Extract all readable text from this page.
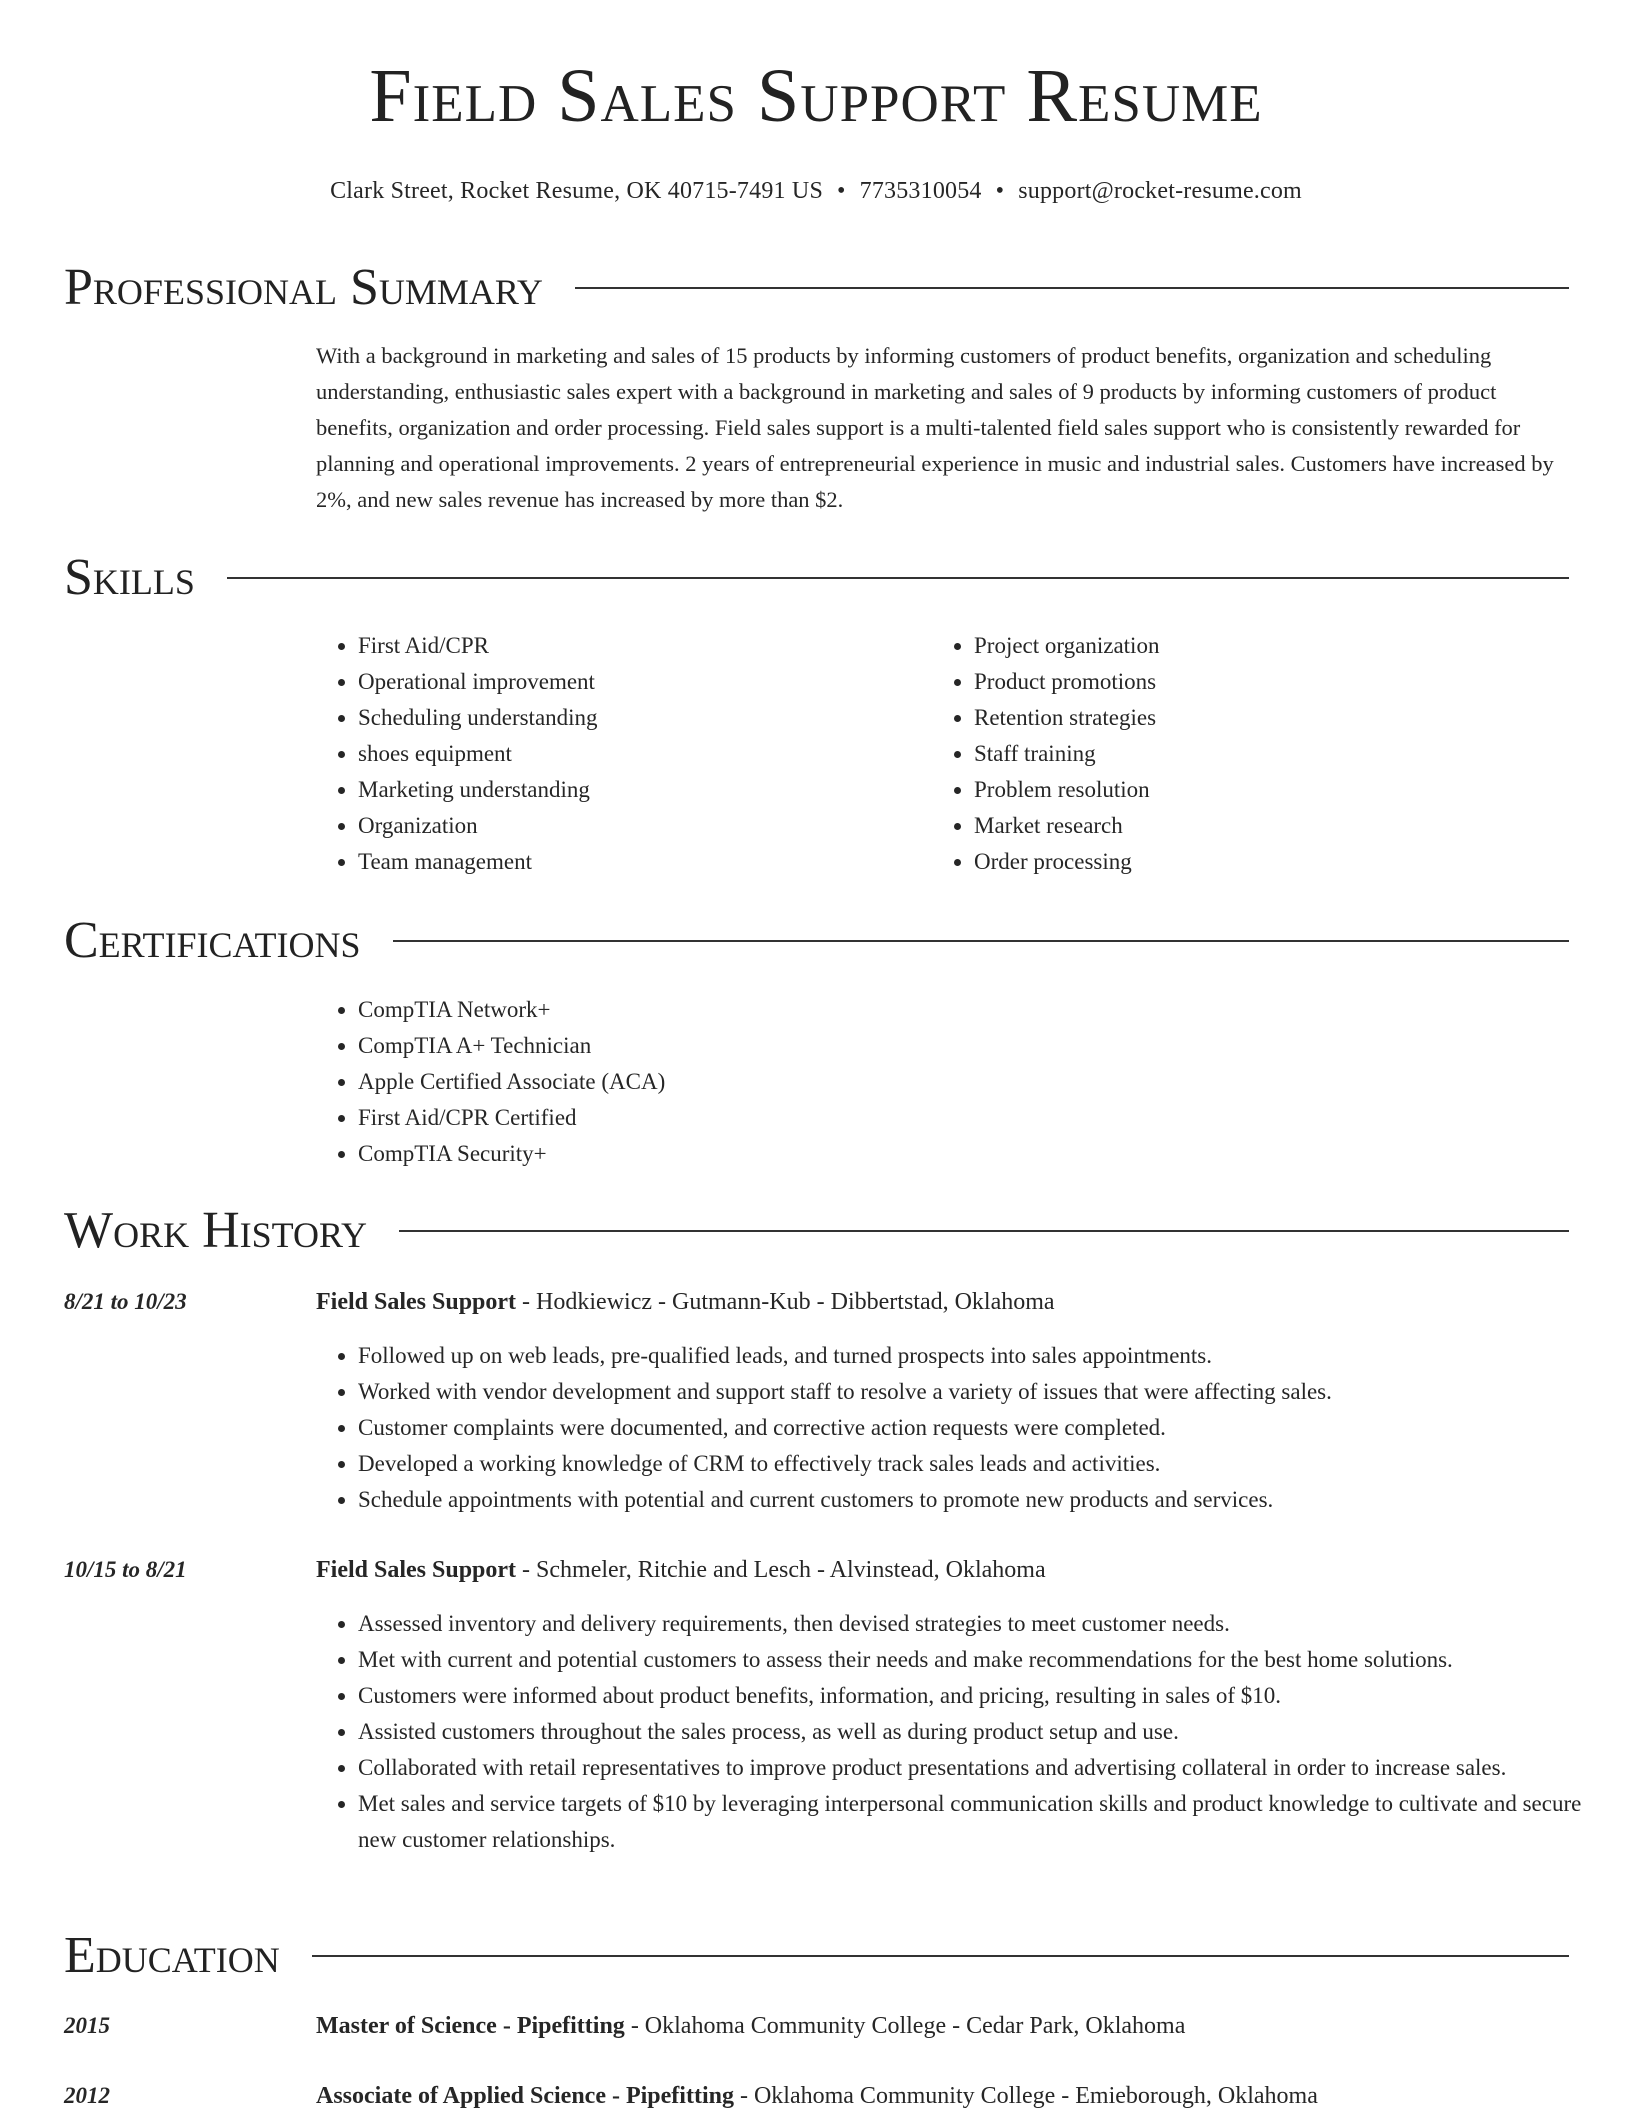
Field Sales Support Resume
Clark Street, Rocket Resume, OK 40715-7491 US • 7735310054 • support@rocket-resume.com
Professional Summary

With a background in marketing and sales of 15 products by informing customers of product benefits, organization and scheduling understanding, enthusiastic sales expert with a background in marketing and sales of 9 products by informing customers of product benefits, organization and order processing. Field sales support is a multi-talented field sales support who is consistently rewarded for planning and operational improvements. 2 years of entrepreneurial experience in music and industrial sales. Customers have increased by 2%, and new sales revenue has increased by more than $2.

Skills
• First Aid/CPR
• Operational improvement
• Scheduling understanding
• shoes equipment
• Marketing understanding
• Organization
• Team management
• Project organization
• Product promotions
• Retention strategies
• Staff training
• Problem resolution
• Market research
• Order processing
Certifications
• CompTIA Network+
• CompTIA A+ Technician
• Apple Certified Associate (ACA)
• First Aid/CPR Certified
• CompTIA Security+
Work History
8/21 to 10/23	Field Sales Support - Hodkiewicz - Gutmann-Kub - Dibbertstad, Oklahoma
• Followed up on web leads, pre-qualified leads, and turned prospects into sales appointments.
• Worked with vendor development and support staff to resolve a variety of issues that were affecting sales.
• Customer complaints were documented, and corrective action requests were completed.
• Developed a working knowledge of CRM to effectively track sales leads and activities.
• Schedule appointments with potential and current customers to promote new products and services.
10/15 to 8/21	Field Sales Support - Schmeler, Ritchie and Lesch - Alvinstead, Oklahoma
• Assessed inventory and delivery requirements, then devised strategies to meet customer needs.
• Met with current and potential customers to assess their needs and make recommendations for the best home solutions.
• Customers were informed about product benefits, information, and pricing, resulting in sales of $10.
• Assisted customers throughout the sales process, as well as during product setup and use.
• Collaborated with retail representatives to improve product presentations and advertising collateral in order to increase sales.
• Met sales and service targets of $10 by leveraging interpersonal communication skills and product knowledge to cultivate and secure new customer relationships.
Education
2015	Master of Science - Pipefitting - Oklahoma Community College - Cedar Park, Oklahoma
2012	Associate of Applied Science - Pipefitting - Oklahoma Community College - Emieborough, Oklahoma
